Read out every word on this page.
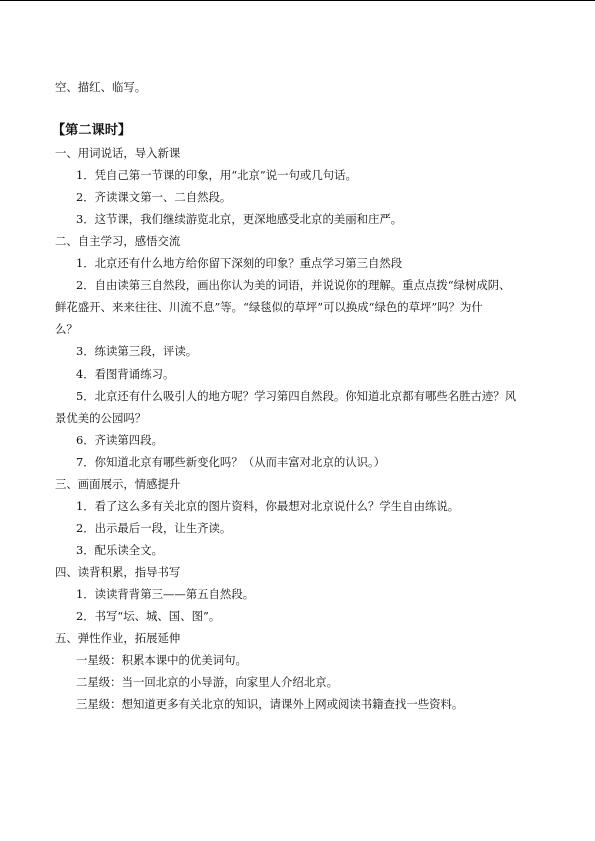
空、描红、临写。
【第二课时】
一、用词说话，导入新课
1．凭自己第一节课的印象，用“北京”说一句或几句话。
2．齐读课文第一、二自然段。
3．这节课，我们继续游览北京，更深地感受北京的美丽和庄严。
二、自主学习，感悟交流
1．北京还有什么地方给你留下深刻的印象？重点学习第三自然段
2．自由读第三自然段，画出你认为美的词语，并说说你的理解。重点点拨“绿树成阴、
鲜花盛开、来来往往、川流不息”等。“绿毯似的草坪”可以换成“绿色的草坪”吗？为什
么？
3．练读第三段，评读。
4．看图背诵练习。
5．北京还有什么吸引人的地方呢？学习第四自然段。你知道北京都有哪些名胜古迹？风
景优美的公园吗？
6．齐读第四段。
7．你知道北京有哪些新变化吗？（从而丰富对北京的认识。）
三、画面展示，情感提升
1．看了这么多有关北京的图片资料，你最想对北京说什么？学生自由练说。
2．出示最后一段，让生齐读。
3．配乐读全文。
四、读背积累，指导书写
1．读读背背第三——第五自然段。
2．书写“坛、城、国、图”。
五、弹性作业，拓展延伸
一星级：积累本课中的优美词句。
二星级：当一回北京的小导游，向家里人介绍北京。
三星级：想知道更多有关北京的知识，请课外上网或阅读书籍查找一些资料。
